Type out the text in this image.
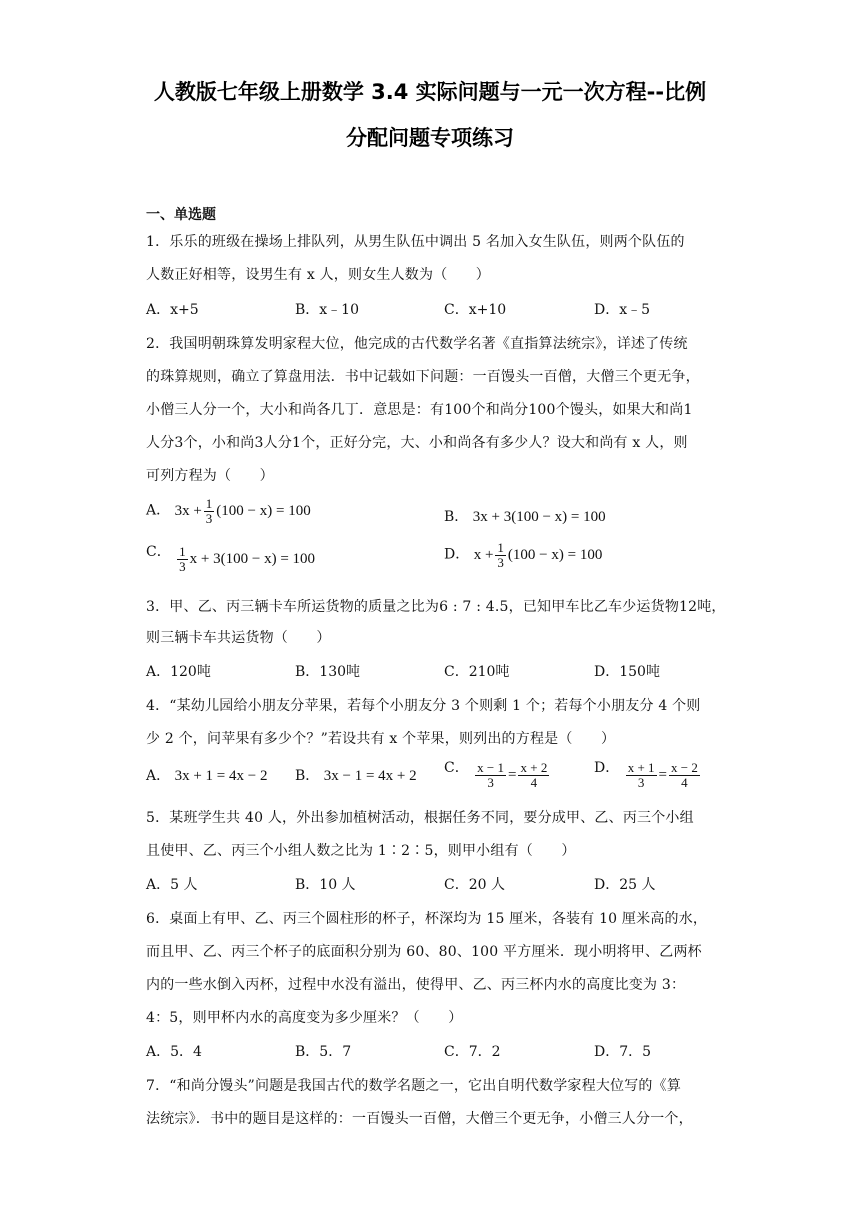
人教版七年级上册数学 3.4 实际问题与一元一次方程--比例
分配问题专项练习
一、单选题
1．乐乐的班级在操场上排队列，从男生队伍中调出 5 名加入女生队伍，则两个队伍的
人数正好相等，设男生有 x 人，则女生人数为（　　）
A．x+5	B．x﹣10	C．x+10	D．x﹣5
2．我国明朝珠算发明家程大位，他完成的古代数学名著《直指算法统宗》，详述了传统
的珠算规则，确立了算盘用法．书中记载如下问题：一百馒头一百僧，大僧三个更无争，
小僧三人分一个，大小和尚各几丁．意思是：有100个和尚分100个馒头，如果大和尚1
人分3个，小和尚3人分1个，正好分完，大、小和尚各有多少人？设大和尚有 x 人，则
可列方程为（　　）
A． $3x + \frac{1}{3} (100 - x) = 100$	B． 3x + 3(100 − x) = 100
C． $\frac{1}{3}$ x + 3(100 − x) = 100	D． $x + \frac{1}{3} (100 - x) = 100$
3．甲、乙、丙三辆卡车所运货物的质量之比为6 : 7 : 4.5，已知甲车比乙车少运货物12吨，
则三辆卡车共运货物（　　）
A．120吨	B．130吨	C．210吨	D．150吨
4．“某幼儿园给小朋友分苹果，若每个小朋友分 3 个则剩 1 个；若每个小朋友分 4 个则
少 2 个，问苹果有多少个？”若设共有 x 个苹果，则列出的方程是（　　）
A． 3x + 1 = 4x − 2 B． 3x − 1 = 4x + 2 C． $\frac{x - 1}{3} = \frac{x + 2}{4}$	D． $\frac{x + 1}{3} = \frac{x - 2}{4}$
5．某班学生共 40 人，外出参加植树活动，根据任务不同，要分成甲、乙、丙三个小组
且使甲、乙、丙三个小组人数之比为 1∶2∶5，则甲小组有（　　）
A．5 人	B．10 人	C．20 人	D．25 人
6．桌面上有甲、乙、丙三个圆柱形的杯子，杯深均为 15 厘米，各装有 10 厘米高的水，
而且甲、乙、丙三个杯子的底面积分别为 60、80、100 平方厘米．现小明将甲、乙两杯
内的一些水倒入丙杯，过程中水没有溢出，使得甲、乙、丙三杯内水的高度比变为 3：
4：5，则甲杯内水的高度变为多少厘米？（　　）
A．5．4	B．5．7	C．7．2	D．7．5
7．“和尚分馒头”问题是我国古代的数学名题之一，它出自明代数学家程大位写的《算
法统宗》．书中的题目是这样的：一百馒头一百僧，大僧三个更无争，小僧三人分一个，
